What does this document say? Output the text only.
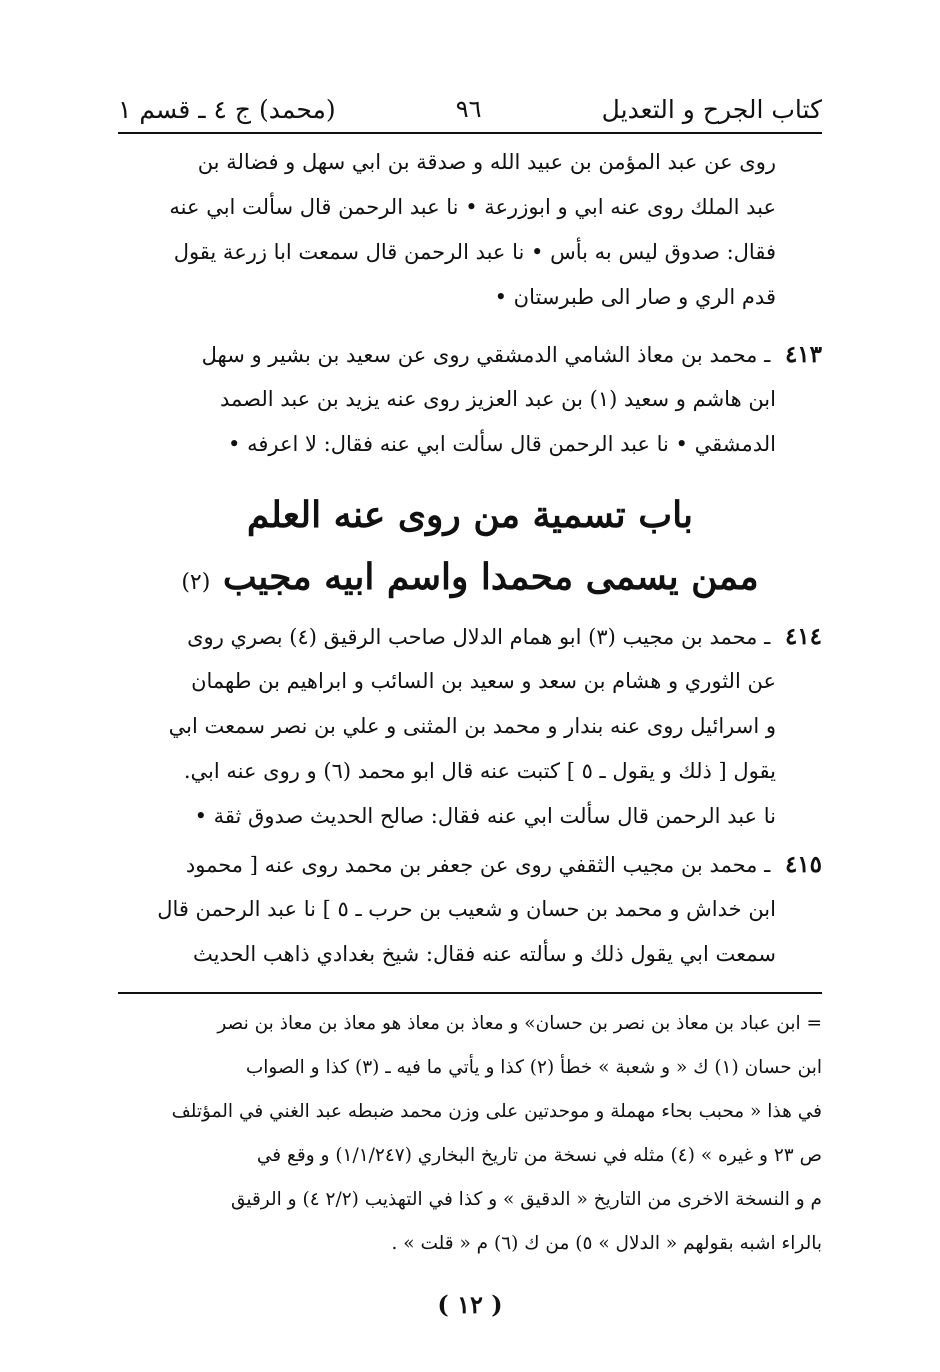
كتاب الجرح و التعديل
٩٦
(محمد) ج ٤ ـ قسم ١
روى عن عبد المؤمن بن عبيد الله و صدقة بن ابي سهل و فضالة بن
عبد الملك روى عنه ابي و ابوزرعة • نا عبد الرحمن قال سألت ابي عنه
فقال: صدوق ليس به بأس • نا عبد الرحمن قال سمعت ابا زرعة يقول
قدم الري و صار الى طبرستان •
٤١٣ ـ محمد بن معاذ الشامي الدمشقي روى عن سعيد بن بشير و سهل
ابن هاشم و سعيد (١) بن عبد العزيز روى عنه يزيد بن عبد الصمد
الدمشقي • نا عبد الرحمن قال سألت ابي عنه فقال: لا اعرفه •
باب تسمية من روى عنه العلم
ممن يسمى محمدا واسم ابيه مجيب (٢)
٤١٤ ـ محمد بن مجيب (٣) ابو همام الدلال صاحب الرقيق (٤) بصري روى
عن الثوري و هشام بن سعد و سعيد بن السائب و ابراهيم بن طهمان
و اسرائيل روى عنه بندار و محمد بن المثنى و علي بن نصر سمعت ابي
يقول [ ذلك و يقول ـ ٥ ] كتبت عنه قال ابو محمد (٦) و روى عنه ابي.
نا عبد الرحمن قال سألت ابي عنه فقال: صالح الحديث صدوق ثقة •
٤١٥ ـ محمد بن مجيب الثقفي روى عن جعفر بن محمد روى عنه [ محمود
ابن خداش و محمد بن حسان و شعيب بن حرب ـ ٥ ] نا عبد الرحمن قال
سمعت ابي يقول ذلك و سألته عنه فقال: شيخ بغدادي ذاهب الحديث
= ابن عباد بن معاذ بن نصر بن حسان» و معاذ بن معاذ هو معاذ بن معاذ بن نصر
ابن حسان (١) ك « و شعبة » خطأ (٢) كذا و يأتي ما فيه ـ (٣) كذا و الصواب
في هذا « محبب بحاء مهملة و موحدتين على وزن محمد ضبطه عبد الغني في المؤتلف
ص ٢٣ و غيره » (٤) مثله في نسخة من تاريخ البخاري (١/١/٢٤٧) و وقع في
م و النسخة الاخرى من التاريخ « الدقيق » و كذا في التهذيب (٢/٢ ٤) و الرقيق
بالراء اشبه بقولهم « الدلال » ٥) من ك (٦) م « قلت » .
( ١٢ )
